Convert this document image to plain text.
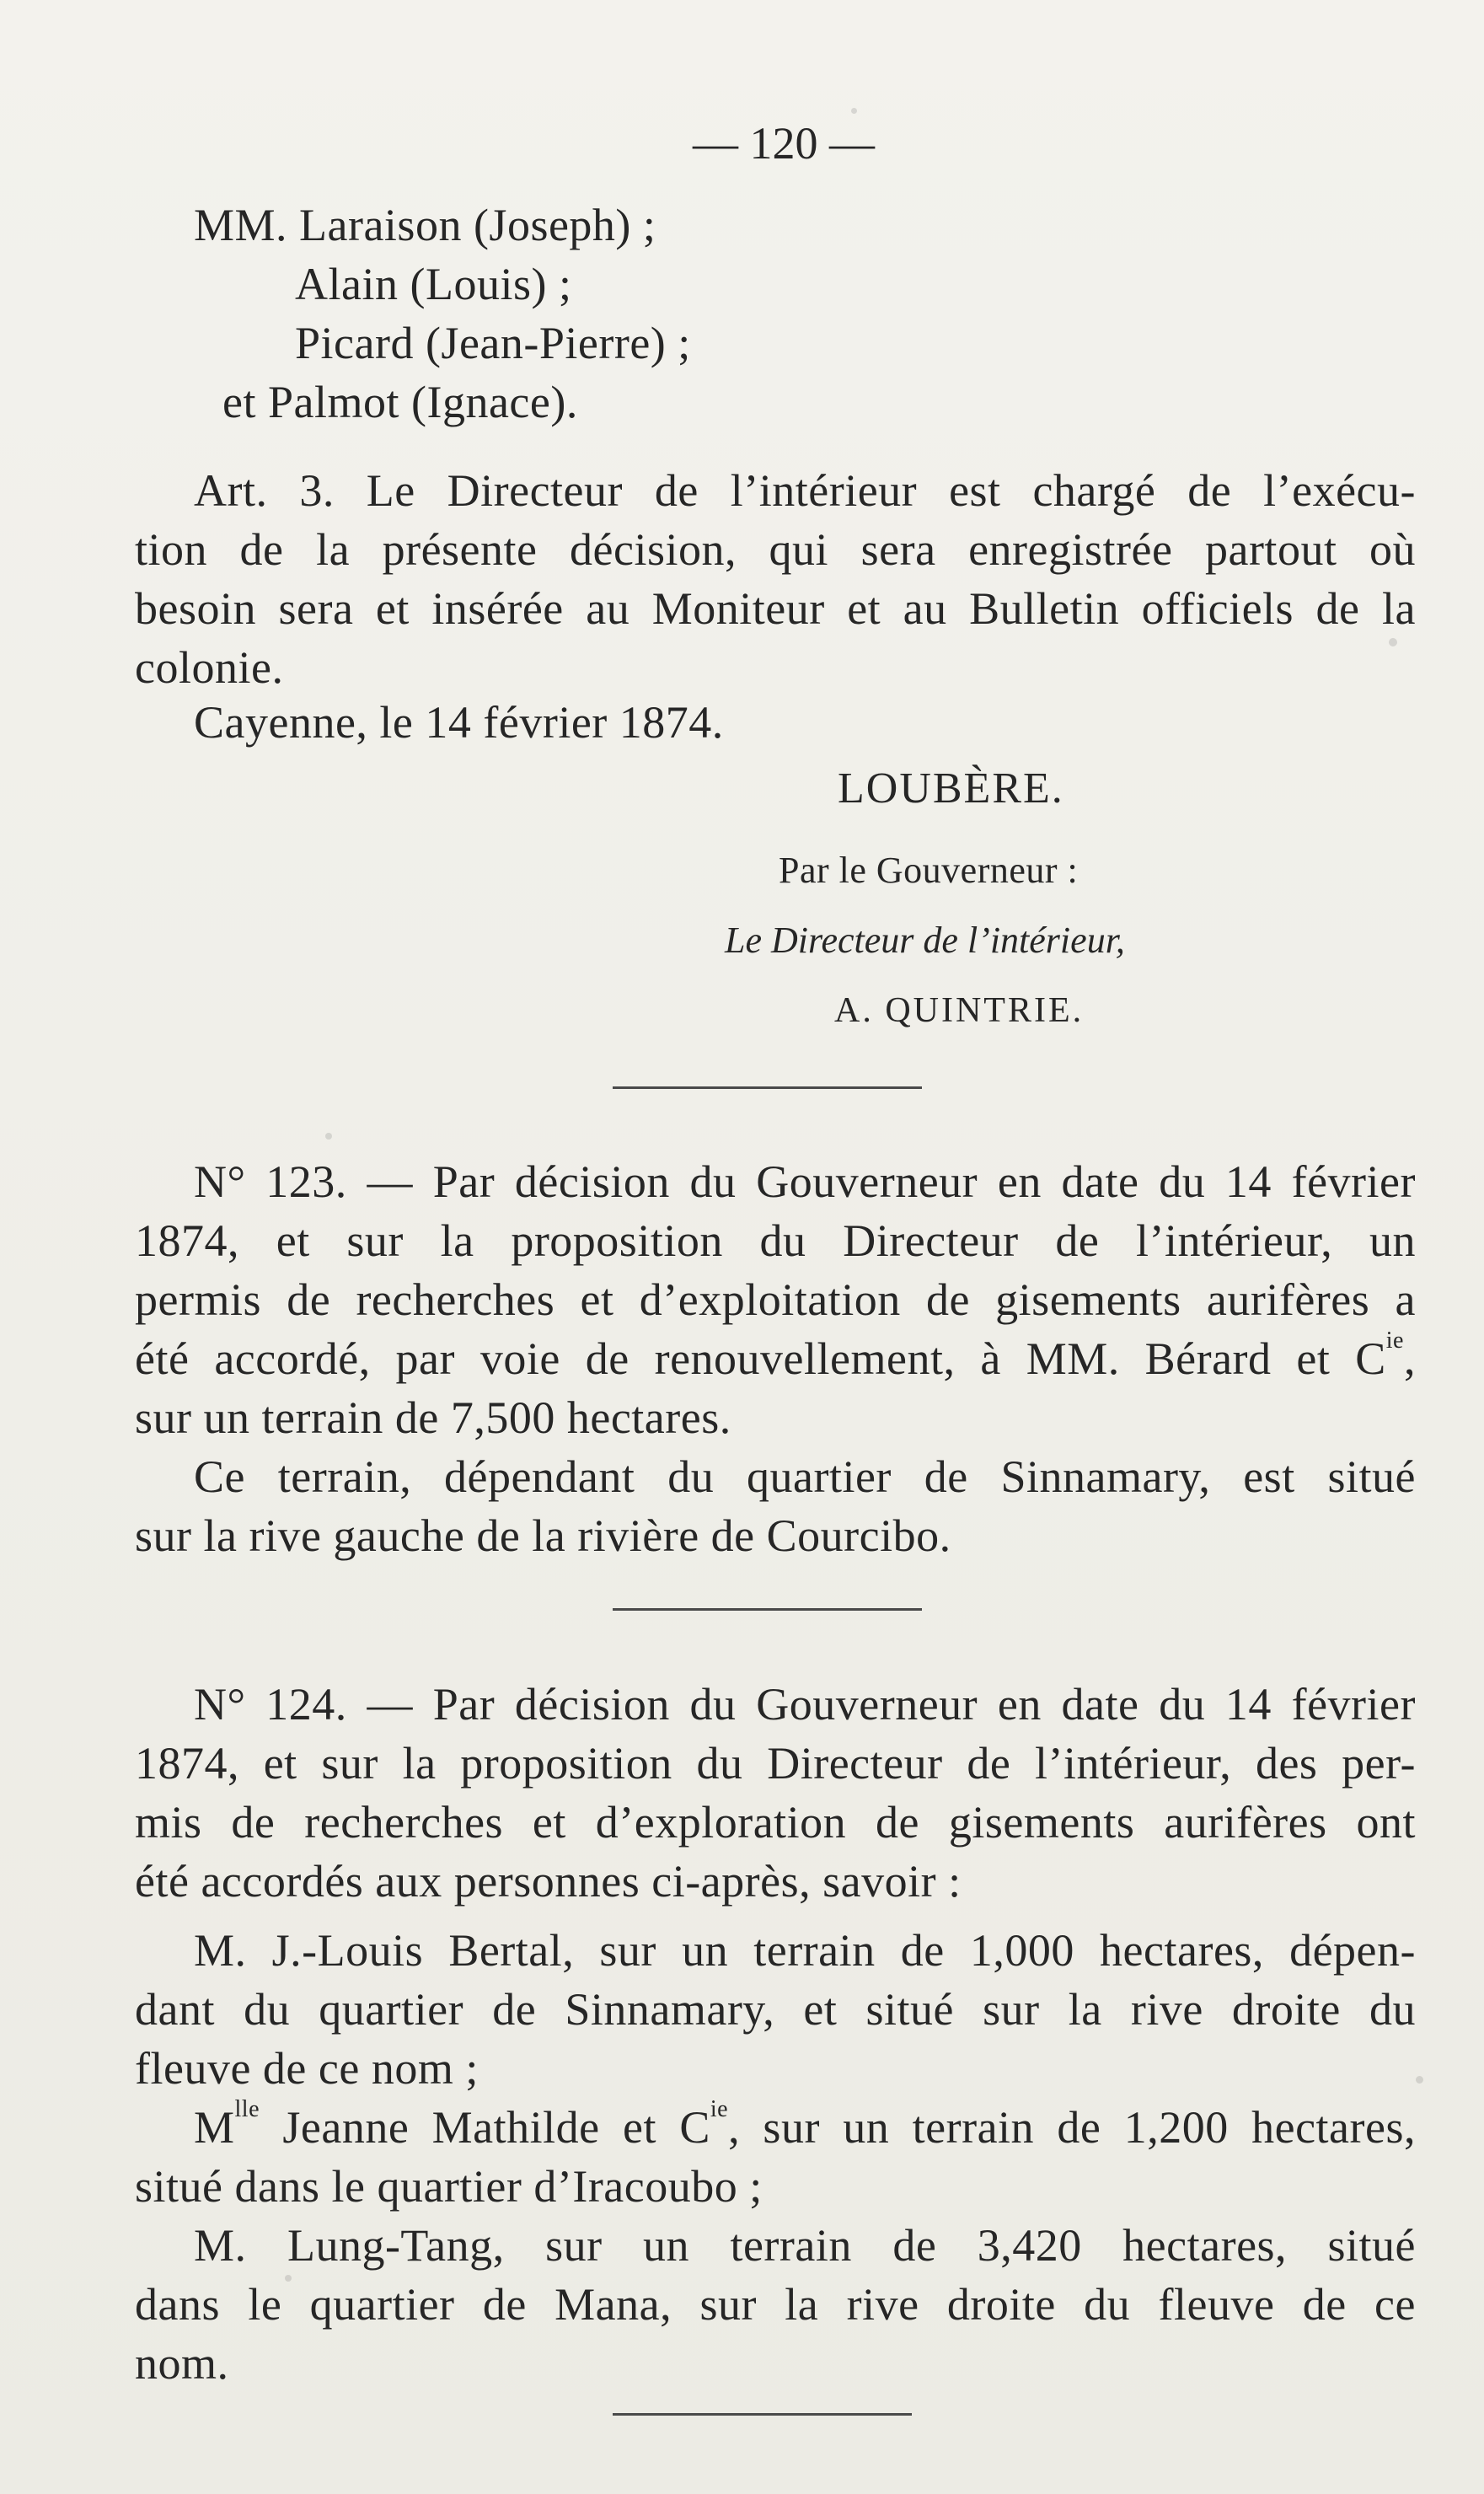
— 120 —
MM. Laraison (Joseph) ;
Alain (Louis) ;
Picard (Jean-Pierre) ;
et Palmot (Ignace).
Art. 3. Le Directeur de l’intérieur est chargé de l’exécu-
tion de la présente décision, qui sera enregistrée partout où
besoin sera et insérée au Moniteur et au Bulletin officiels de la
colonie.
Cayenne, le 14 février 1874.
LOUBÈRE.
Par le Gouverneur :
Le Directeur de l’intérieur,
A. QUINTRIE.
N° 123. — Par décision du Gouverneur en date du 14 février
1874, et sur la proposition du Directeur de l’intérieur, un
permis de recherches et d’exploitation de gisements aurifères a
été accordé, par voie de renouvellement, à MM. Bérard et $C^{ie}$,
sur un terrain de 7,500 hectares.
Ce terrain, dépendant du quartier de Sinnamary, est situé
sur la rive gauche de la rivière de Courcibo.
N° 124. — Par décision du Gouverneur en date du 14 février
1874, et sur la proposition du Directeur de l’intérieur, des per-
mis de recherches et d’exploration de gisements aurifères ont
été accordés aux personnes ci-après, savoir :
M. J.-Louis Bertal, sur un terrain de 1,000 hectares, dépen-
dant du quartier de Sinnamary, et situé sur la rive droite du
fleuve de ce nom ;
$M^{lle}$ Jeanne Mathilde et $C^{ie}$, sur un terrain de 1,200 hectares,
situé dans le quartier d’Iracoubo ;
M. Lung-Tang, sur un terrain de 3,420 hectares, situé
dans le quartier de Mana, sur la rive droite du fleuve de ce
nom.
